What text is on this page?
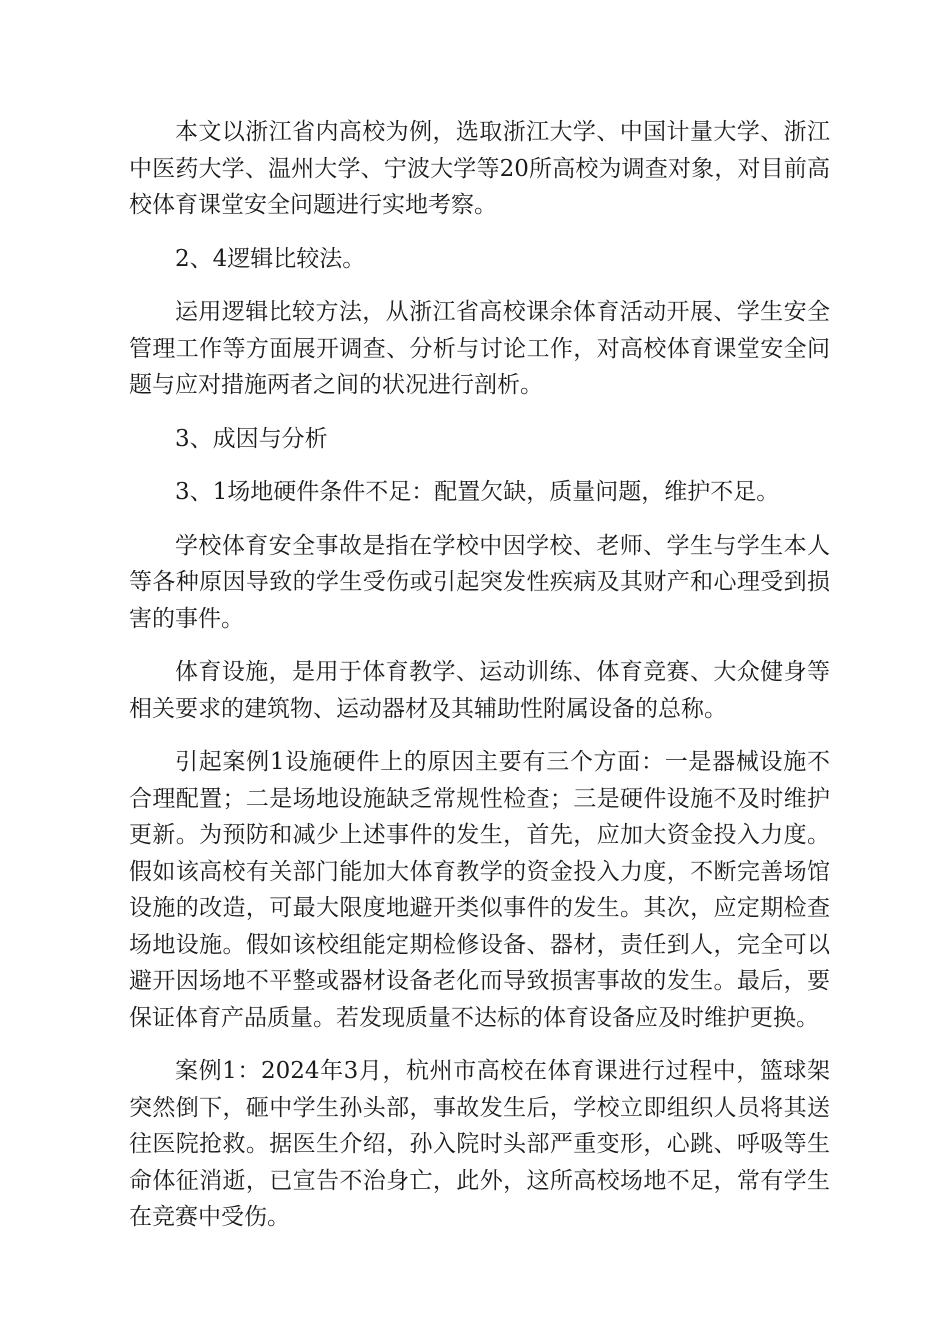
本文以浙江省内高校为例，选取浙江大学、中国计量大学、浙江中医药大学、温州大学、宁波大学等20所高校为调查对象，对目前高校体育课堂安全问题进行实地考察。

2、4逻辑比较法。

运用逻辑比较方法，从浙江省高校课余体育活动开展、学生安全管理工作等方面展开调查、分析与讨论工作，对高校体育课堂安全问题与应对措施两者之间的状况进行剖析。

3、成因与分析

3、1场地硬件条件不足：配置欠缺，质量问题，维护不足。

学校体育安全事故是指在学校中因学校、老师、学生与学生本人等各种原因导致的学生受伤或引起突发性疾病及其财产和心理受到损害的事件。

体育设施，是用于体育教学、运动训练、体育竞赛、大众健身等相关要求的建筑物、运动器材及其辅助性附属设备的总称。

引起案例1设施硬件上的原因主要有三个方面：一是器械设施不合理配置；二是场地设施缺乏常规性检查；三是硬件设施不及时维护更新。为预防和减少上述事件的发生，首先，应加大资金投入力度。假如该高校有关部门能加大体育教学的资金投入力度，不断完善场馆设施的改造，可最大限度地避开类似事件的发生。其次，应定期检查场地设施。假如该校组能定期检修设备、器材，责任到人，完全可以避开因场地不平整或器材设备老化而导致损害事故的发生。最后，要保证体育产品质量。若发现质量不达标的体育设备应及时维护更换。

案例1：2024年3月，杭州市高校在体育课进行过程中，篮球架突然倒下，砸中学生孙头部，事故发生后，学校立即组织人员将其送往医院抢救。据医生介绍，孙入院时头部严重变形，心跳、呼吸等生命体征消逝，已宣告不治身亡，此外，这所高校场地不足，常有学生在竞赛中受伤。
